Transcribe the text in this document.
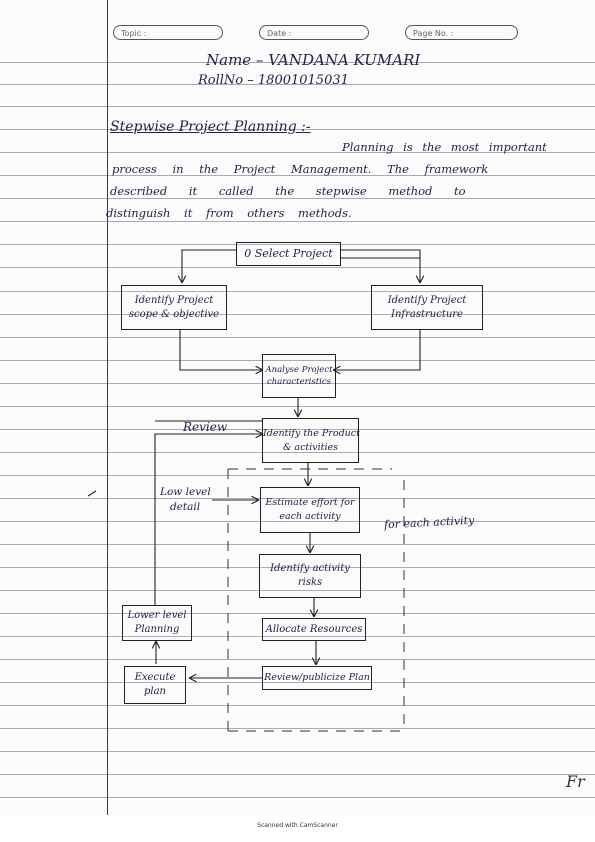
Topic :	Date :	Page No. :
Name – VANDANA KUMARI
RollNo – 18001015031
Stepwise Project Planning :-
Planning is the most important
process in the Project Management. The framework
described it called the stepwise method to
distinguish it from others methods.
0 Select Project
Identify Project
scope & objective
Identify Project
Infrastructure
Analyse Project
characteristics
Identify the Product
& activities
Estimate effort for
each activity
Identify activity
risks
Allocate Resources
Review/publicize Plan
Lower level
Planning
Execute
plan
Review
Low level
detail
for each activity
Fr
Scanned with CamScanner
